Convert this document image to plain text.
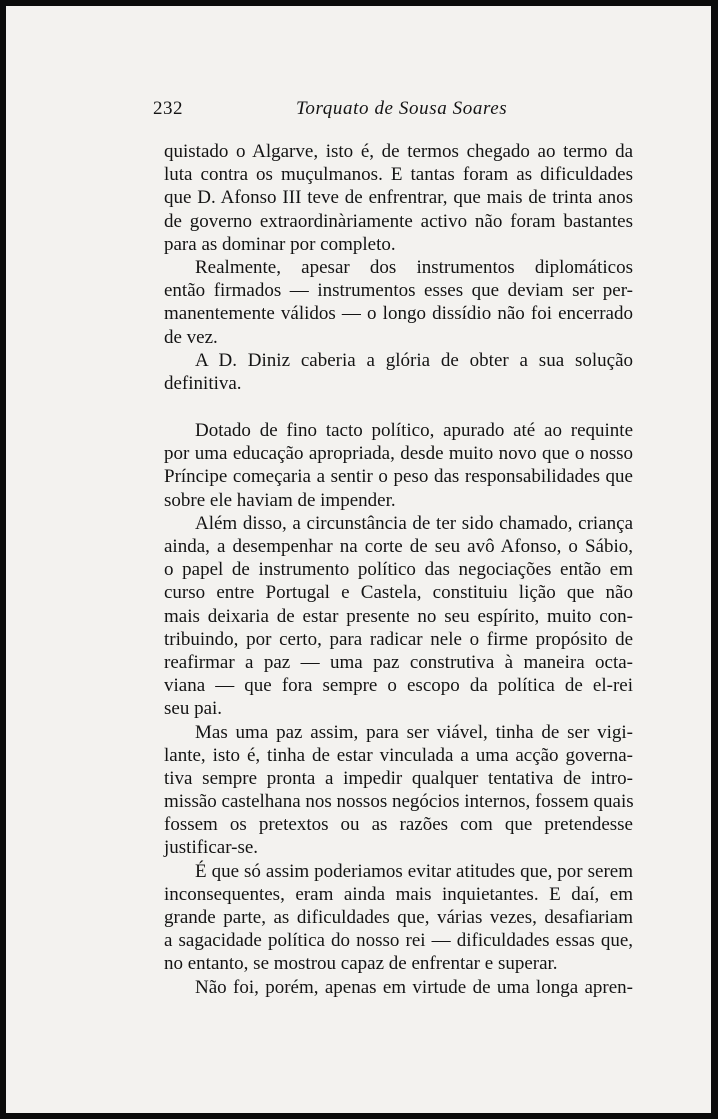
232	Torquato de Sousa Soares
quistado o Algarve, isto é, de termos chegado ao termo da
luta contra os muçulmanos. E tantas foram as dificuldades
que D. Afonso III teve de enfrentrar, que mais de trinta anos
de governo extraordinàriamente activo não foram bastantes
para as dominar por completo.
Realmente, apesar dos instrumentos diplomáticos
então firmados — instrumentos esses que deviam ser per-
manentemente válidos — o longo dissídio não foi encerrado
de vez.
A D. Diniz caberia a glória de obter a sua solução
definitiva.
Dotado de fino tacto político, apurado até ao requinte
por uma educação apropriada, desde muito novo que o nosso
Príncipe começaria a sentir o peso das responsabilidades que
sobre ele haviam de impender.
Além disso, a circunstância de ter sido chamado, criança
ainda, a desempenhar na corte de seu avô Afonso, o Sábio,
o papel de instrumento político das negociações então em
curso entre Portugal e Castela, constituiu lição que não
mais deixaria de estar presente no seu espírito, muito con-
tribuindo, por certo, para radicar nele o firme propósito de
reafirmar a paz — uma paz construtiva à maneira octa-
viana — que fora sempre o escopo da política de el-rei
seu pai.
Mas uma paz assim, para ser viável, tinha de ser vigi-
lante, isto é, tinha de estar vinculada a uma acção governa-
tiva sempre pronta a impedir qualquer tentativa de intro-
missão castelhana nos nossos negócios internos, fossem quais
fossem os pretextos ou as razões com que pretendesse
justificar-se.
É que só assim poderiamos evitar atitudes que, por serem
inconsequentes, eram ainda mais inquietantes. E daí, em
grande parte, as dificuldades que, várias vezes, desafiariam
a sagacidade política do nosso rei — dificuldades essas que,
no entanto, se mostrou capaz de enfrentar e superar.
Não foi, porém, apenas em virtude de uma longa apren-
